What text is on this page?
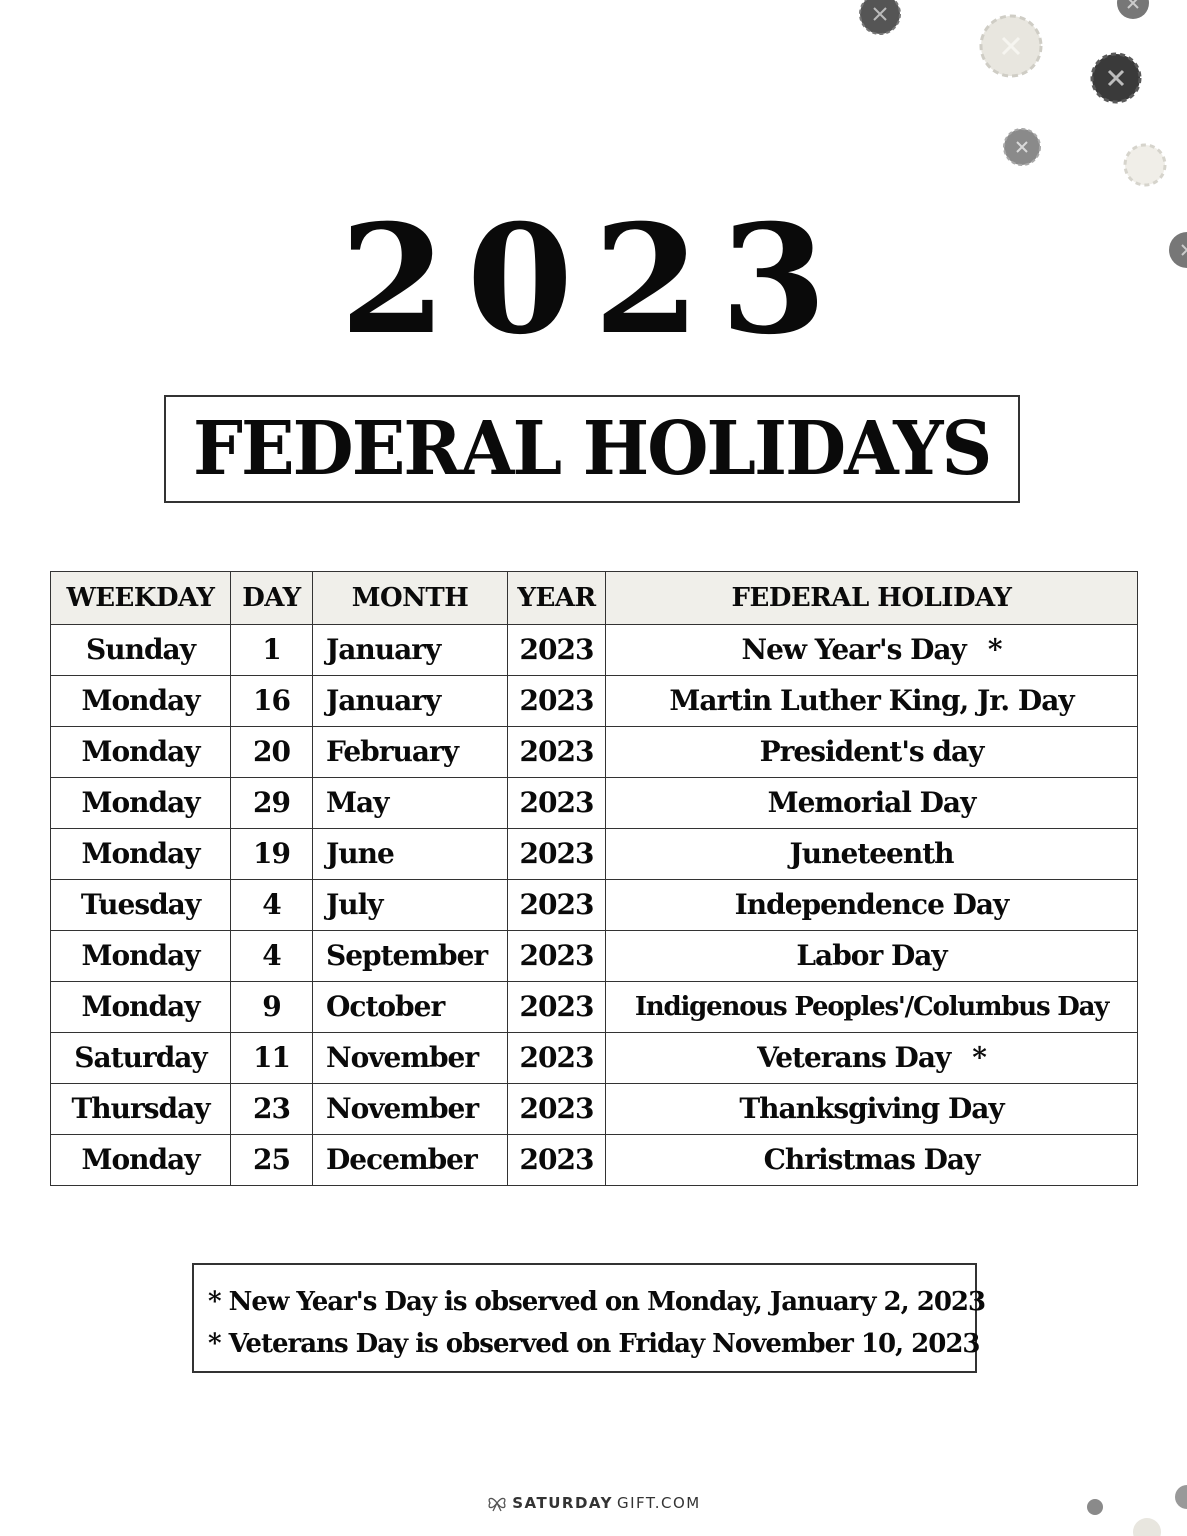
2023
FEDERAL HOLIDAYS
WEEKDAY	DAY	MONTH	YEAR	FEDERAL HOLIDAY
Sunday	1	January	2023	New Year's Day *
Monday	16	January	2023	Martin Luther King, Jr. Day
Monday	20	February	2023	President's day
Monday	29	May	2023	Memorial Day
Monday	19	June	2023	Juneteenth
Tuesday	4	July	2023	Independence Day
Monday	4	September	2023	Labor Day
Monday	9	October	2023	Indigenous Peoples'/Columbus Day
Saturday	11	November	2023	Veterans Day *
Thursday	23	November	2023	Thanksgiving Day
Monday	25	December	2023	Christmas Day
* New Year's Day is observed on Monday, January 2, 2023
* Veterans Day is observed on Friday November 10, 2023
SATURDAY GIFT.COM
